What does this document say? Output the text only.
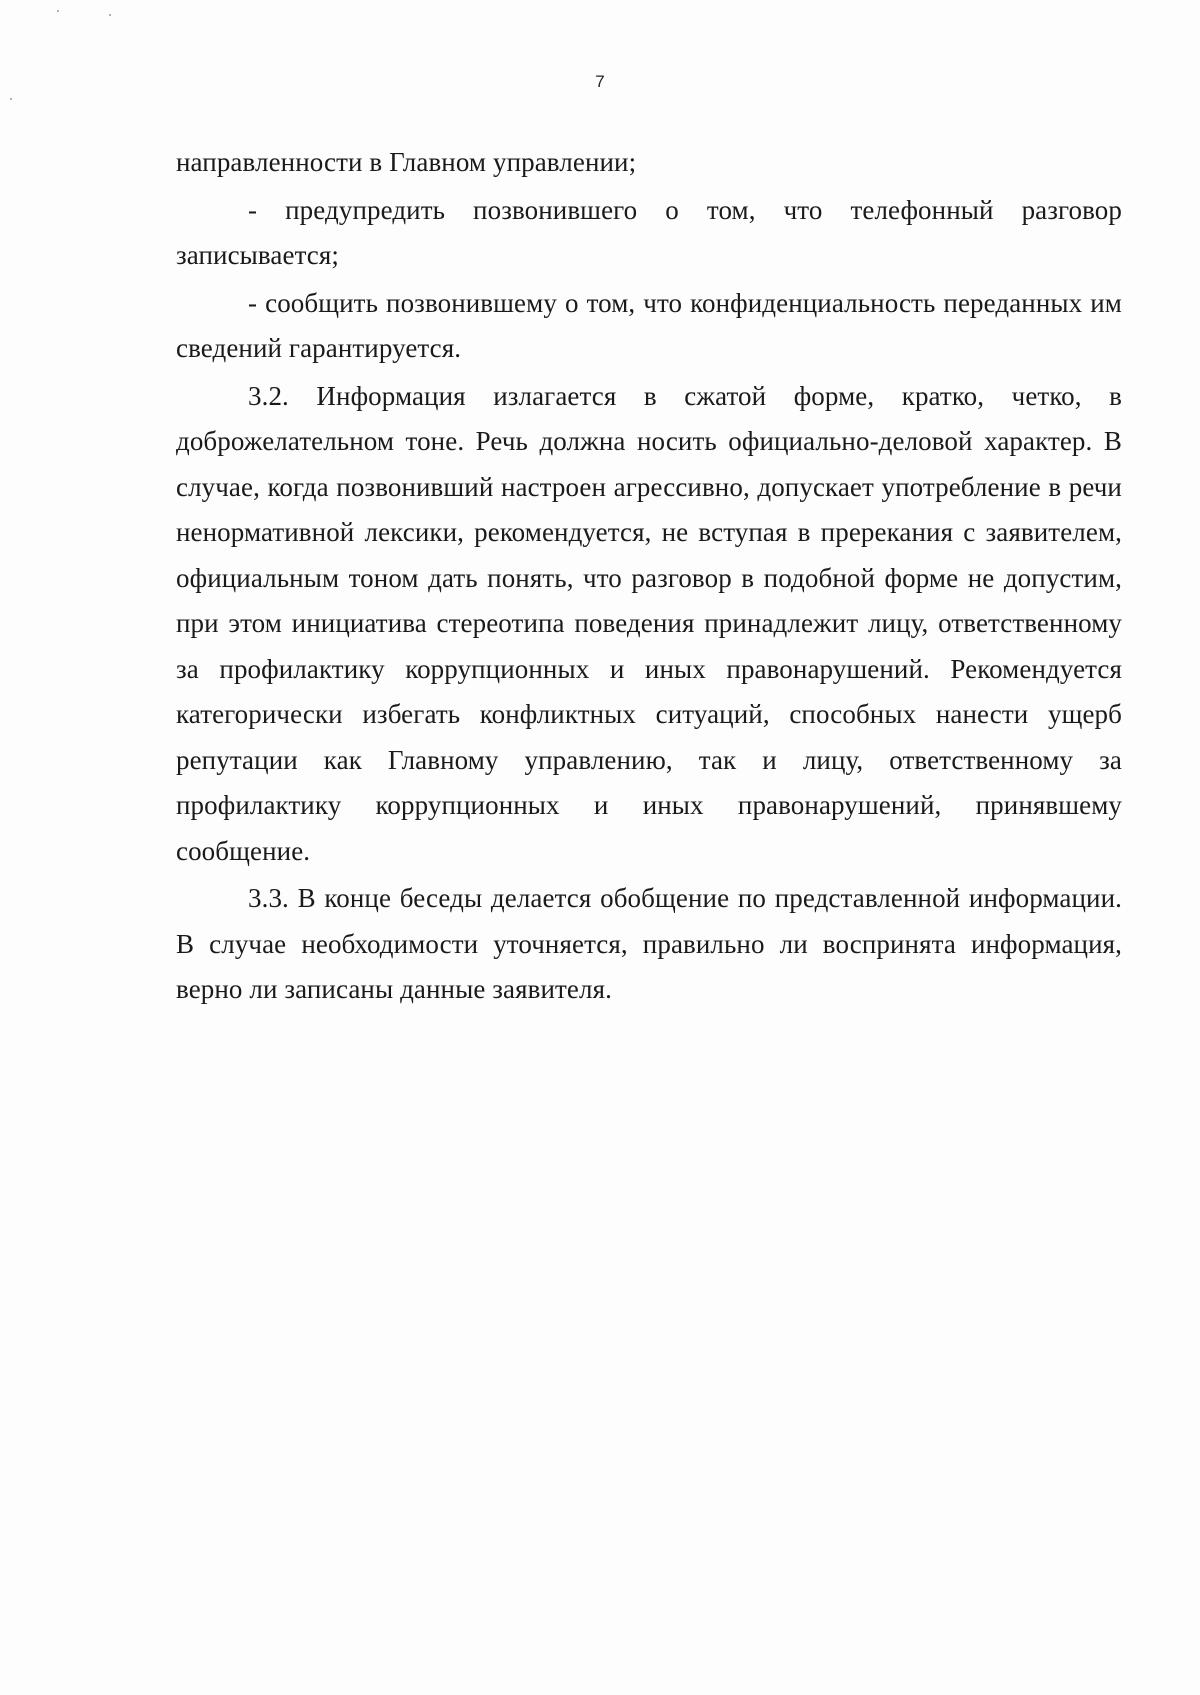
7

направленности в Главном управлении;

- предупредить позвонившего о том, что телефонный разговор записывается;

- сообщить позвонившему о том, что конфиденциальность переданных им сведений гарантируется.

3.2. Информация излагается в сжатой форме, кратко, четко, в доброжелательном тоне. Речь должна носить официально-деловой характер. В случае, когда позвонивший настроен агрессивно, допускает употребление в речи ненормативной лексики, рекомендуется, не вступая в пререкания с заявителем, официальным тоном дать понять, что разговор в подобной форме не допустим, при этом инициатива стереотипа поведения принадлежит лицу, ответственному за профилактику коррупционных и иных правонарушений. Рекомендуется категорически избегать конфликтных ситуаций, способных нанести ущерб репутации как Главному управлению, так и лицу, ответственному за профилактику коррупционных и иных правонарушений, принявшему сообщение.

3.3. В конце беседы делается обобщение по представленной информации. В случае необходимости уточняется, правильно ли воспринята информация, верно ли записаны данные заявителя.
